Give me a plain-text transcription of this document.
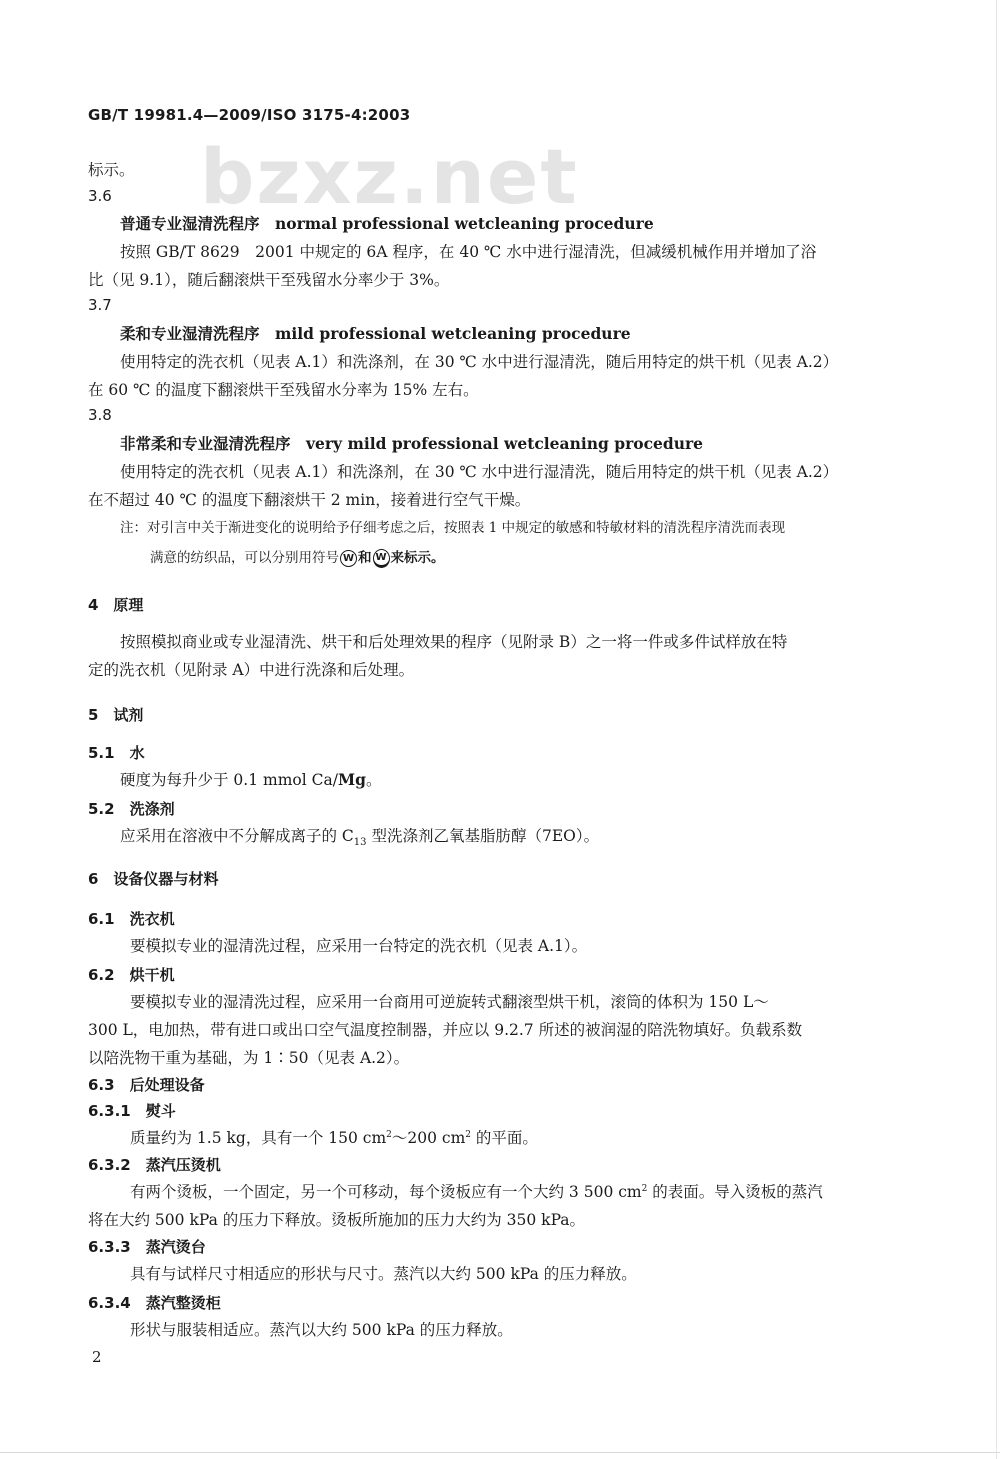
bzxz.net
GB/T 19981.4—2009/ISO 3175-4:2003
标示。
3.6
普通专业湿清洗程序　normal professional wetcleaning procedure
按照 GB/T 8629　2001 中规定的 6A 程序，在 40 ℃ 水中进行湿清洗，但减缓机械作用并增加了浴
比（见 9.1），随后翻滚烘干至残留水分率少于 3%。
3.7
柔和专业湿清洗程序　mild professional wetcleaning procedure
使用特定的洗衣机（见表 A.1）和洗涤剂，在 30 ℃ 水中进行湿清洗，随后用特定的烘干机（见表 A.2）
在 60 ℃ 的温度下翻滚烘干至残留水分率为 15% 左右。
3.8
非常柔和专业湿清洗程序　very mild professional wetcleaning procedure
使用特定的洗衣机（见表 A.1）和洗涤剂，在 30 ℃ 水中进行湿清洗，随后用特定的烘干机（见表 A.2）
在不超过 40 ℃ 的温度下翻滚烘干 2 min，接着进行空气干燥。
注：对引言中关于渐进变化的说明给予仔细考虑之后，按照表 1 中规定的敏感和特敏材料的清洗程序清洗而表现
满意的纺织品，可以分别用符号 W 和 W 来标示。
4　原理
按照模拟商业或专业湿清洗、烘干和后处理效果的程序（见附录 B）之一将一件或多件试样放在特
定的洗衣机（见附录 A）中进行洗涤和后处理。
5　试剂
5.1　水
硬度为每升少于 0.1 mmol Ca/Mg。
5.2　洗涤剂
应采用在溶液中不分解成离子的 $C_{13}$ 型洗涤剂乙氧基脂肪醇（7EO）。
6　设备仪器与材料
6.1　洗衣机
要模拟专业的湿清洗过程，应采用一台特定的洗衣机（见表 A.1）。
6.2　烘干机
要模拟专业的湿清洗过程，应采用一台商用可逆旋转式翻滚型烘干机，滚筒的体积为 150 L～
300 L，电加热，带有进口或出口空气温度控制器，并应以 9.2.7 所述的被润湿的陪洗物填好。负载系数
以陪洗物干重为基础，为 1∶50（见表 A.2）。
6.3　后处理设备
6.3.1　熨斗
质量约为 1.5 kg，具有一个 150 $cm^2\sim 200$ $cm^2$ 的平面。
6.3.2　蒸汽压烫机
有两个烫板，一个固定，另一个可移动，每个烫板应有一个大约 3 500 $cm^2$ 的表面。导入烫板的蒸汽
将在大约 500 kPa 的压力下释放。烫板所施加的压力大约为 350 kPa。
6.3.3　蒸汽烫台
具有与试样尺寸相适应的形状与尺寸。蒸汽以大约 500 kPa 的压力释放。
6.3.4　蒸汽整烫柜
形状与服装相适应。蒸汽以大约 500 kPa 的压力释放。
2
